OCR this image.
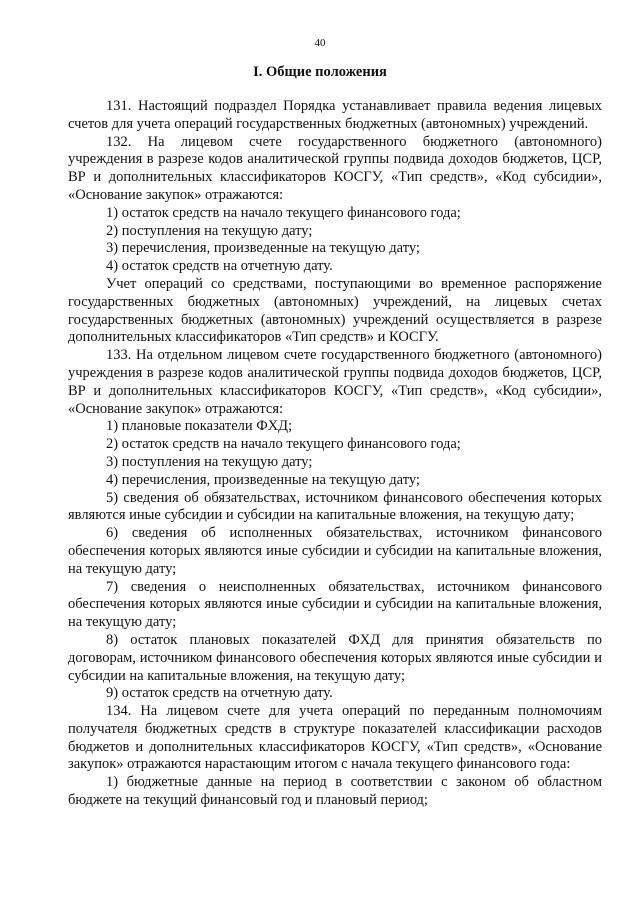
40
I. Общие положения

131. Настоящий подраздел Порядка устанавливает правила ведения лицевых счетов для учета операций государственных бюджетных (автономных) учреждений.

132. На лицевом счете государственного бюджетного (автономного) учреждения в разрезе кодов аналитической группы подвида доходов бюджетов, ЦСР, ВР и дополнительных классификаторов КОСГУ, «Тип средств», «Код субсидии», «Основание закупок» отражаются:

1) остаток средств на начало текущего финансового года;

2) поступления на текущую дату;

3) перечисления, произведенные на текущую дату;

4) остаток средств на отчетную дату.

Учет операций со средствами, поступающими во временное распоряжение государственных бюджетных (автономных) учреждений, на лицевых счетах государственных бюджетных (автономных) учреждений осуществляется в разрезе дополнительных классификаторов «Тип средств» и КОСГУ.

133. На отдельном лицевом счете государственного бюджетного (автономного) учреждения в разрезе кодов аналитической группы подвида доходов бюджетов, ЦСР, ВР и дополнительных классификаторов КОСГУ, «Тип средств», «Код субсидии», «Основание закупок» отражаются:

1) плановые показатели ФХД;

2) остаток средств на начало текущего финансового года;

3) поступления на текущую дату;

4) перечисления, произведенные на текущую дату;

5) сведения об обязательствах, источником финансового обеспечения которых являются иные субсидии и субсидии на капитальные вложения, на текущую дату;

6) сведения об исполненных обязательствах, источником финансового обеспечения которых являются иные субсидии и субсидии на капитальные вложения, на текущую дату;

7) сведения о неисполненных обязательствах, источником финансового обеспечения которых являются иные субсидии и субсидии на капитальные вложения, на текущую дату;

8) остаток плановых показателей ФХД для принятия обязательств по договорам, источником финансового обеспечения которых являются иные субсидии и субсидии на капитальные вложения, на текущую дату;

9) остаток средств на отчетную дату.

134. На лицевом счете для учета операций по переданным полномочиям получателя бюджетных средств в структуре показателей классификации расходов бюджетов и дополнительных классификаторов КОСГУ, «Тип средств», «Основание закупок» отражаются нарастающим итогом с начала текущего финансового года:

1) бюджетные данные на период в соответствии с законом об областном бюджете на текущий финансовый год и плановый период;
